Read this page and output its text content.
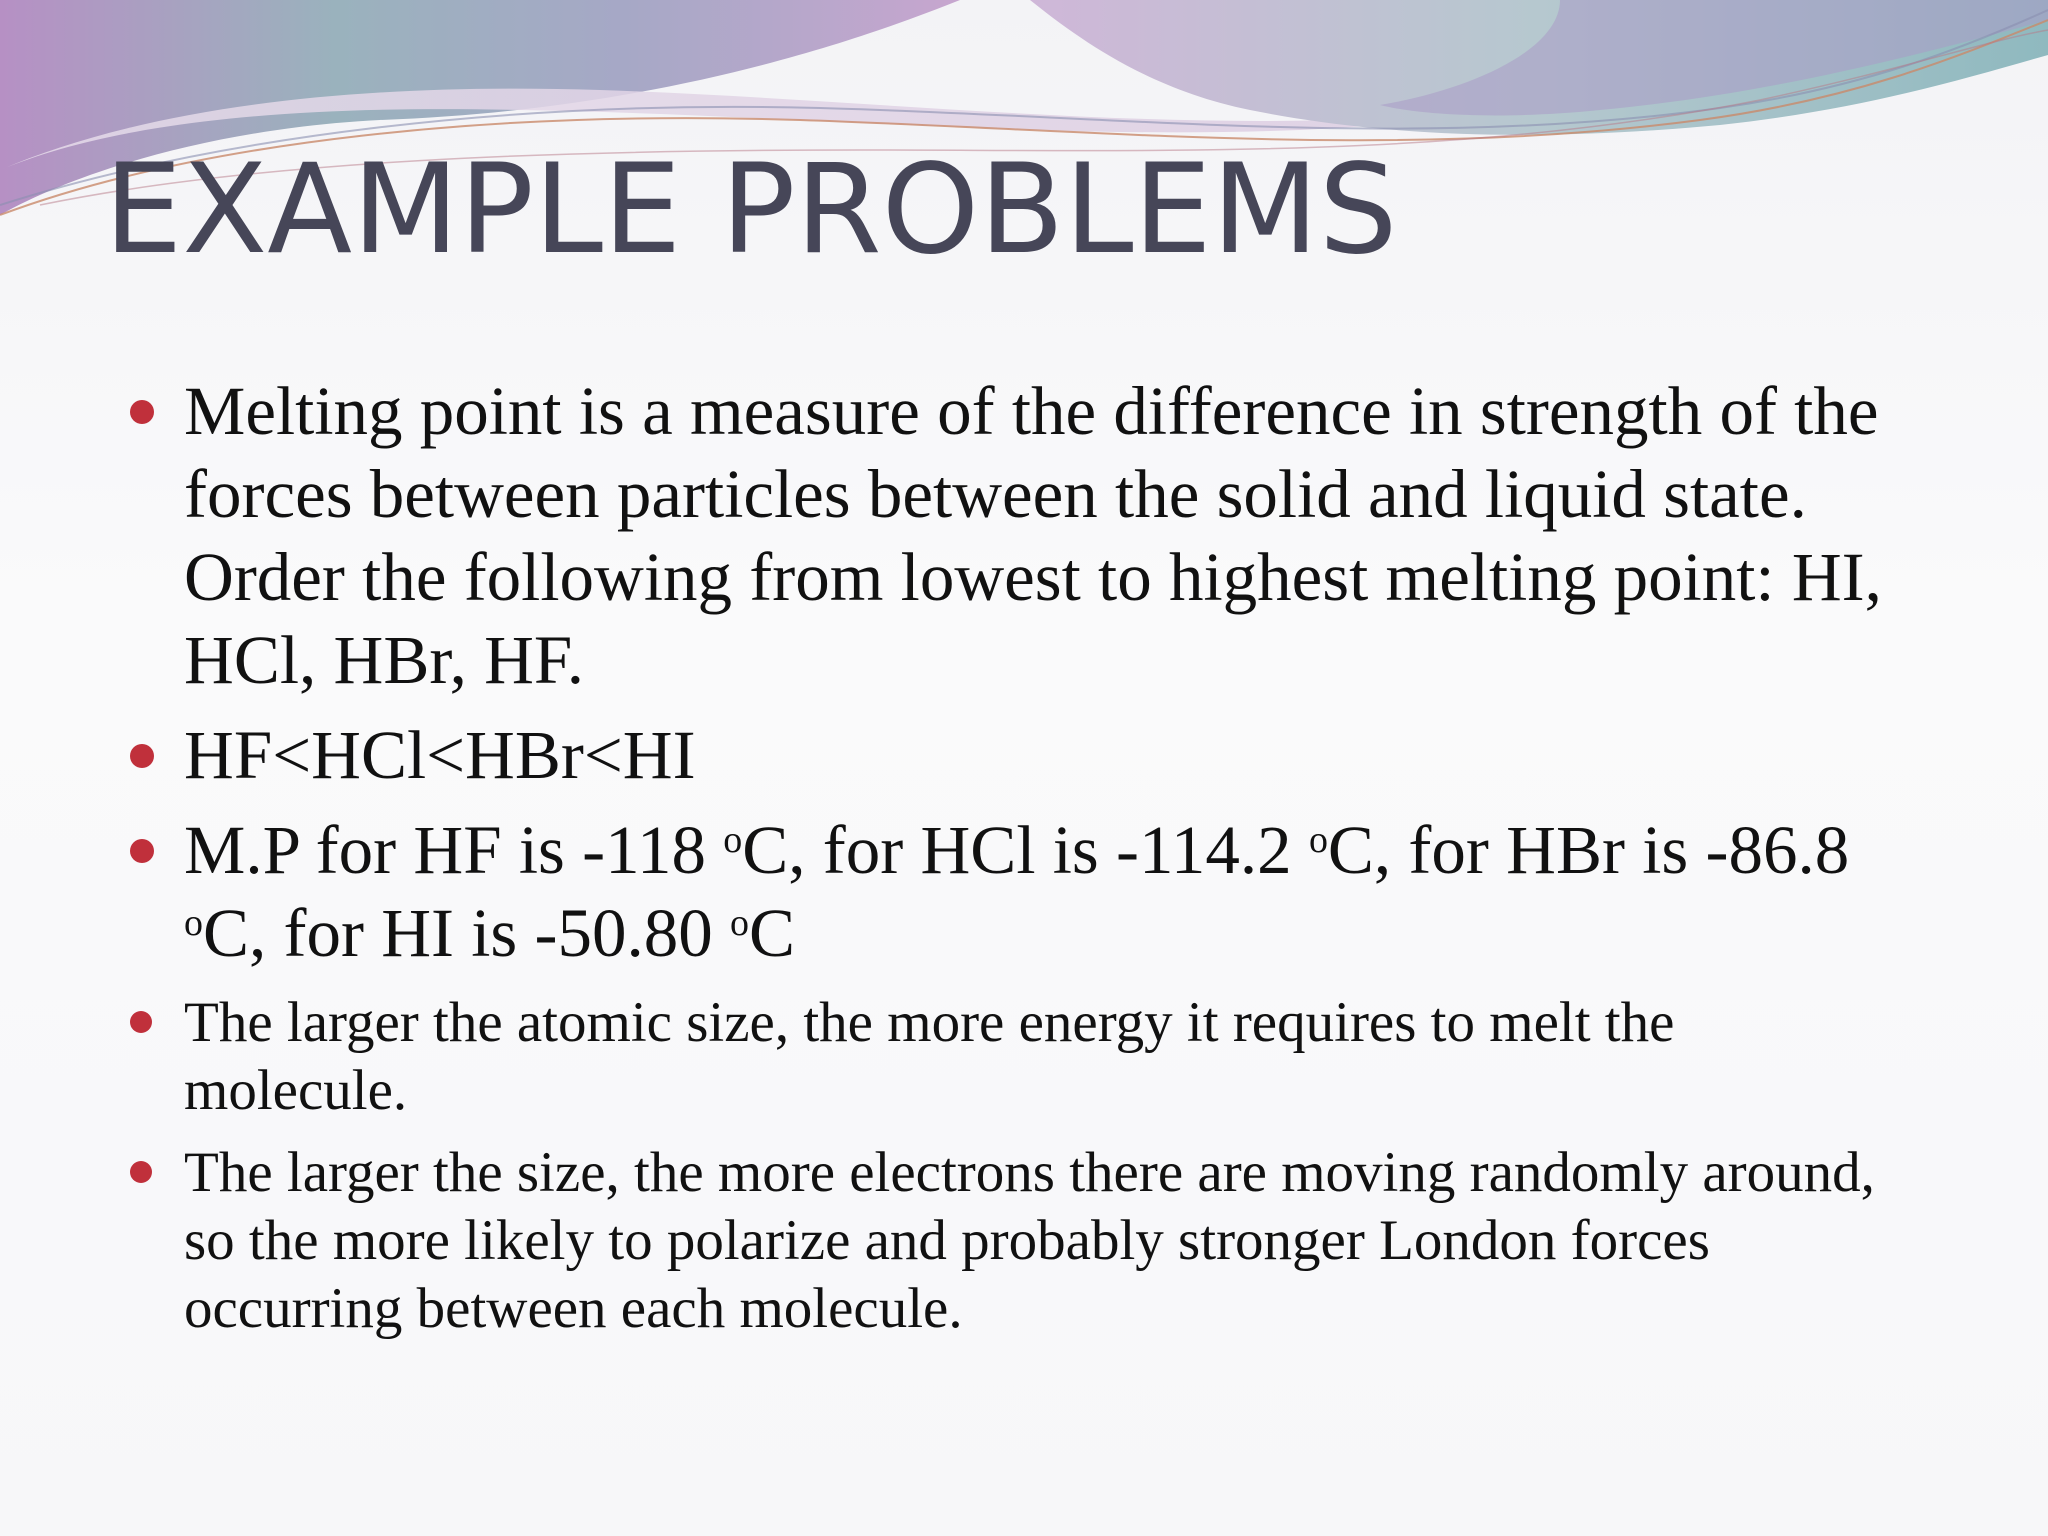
EXAMPLE PROBLEMS
Melting point is a measure of the difference in strength of the forces between particles between the solid and liquid state. Order the following from lowest to highest melting point: HI, HCl, HBr, HF.
HF<HCl<HBr<HI
M.P for HF is -118 $^o$C, for HCl is -114.2 $^o$C, for HBr is -86.8 $^o$C, for HI is -50.80 $^o$C
The larger the atomic size, the more energy it requires to melt the molecule.
The larger the size, the more electrons there are moving randomly around, so the more likely to polarize and probably stronger London forces occurring between each molecule.
